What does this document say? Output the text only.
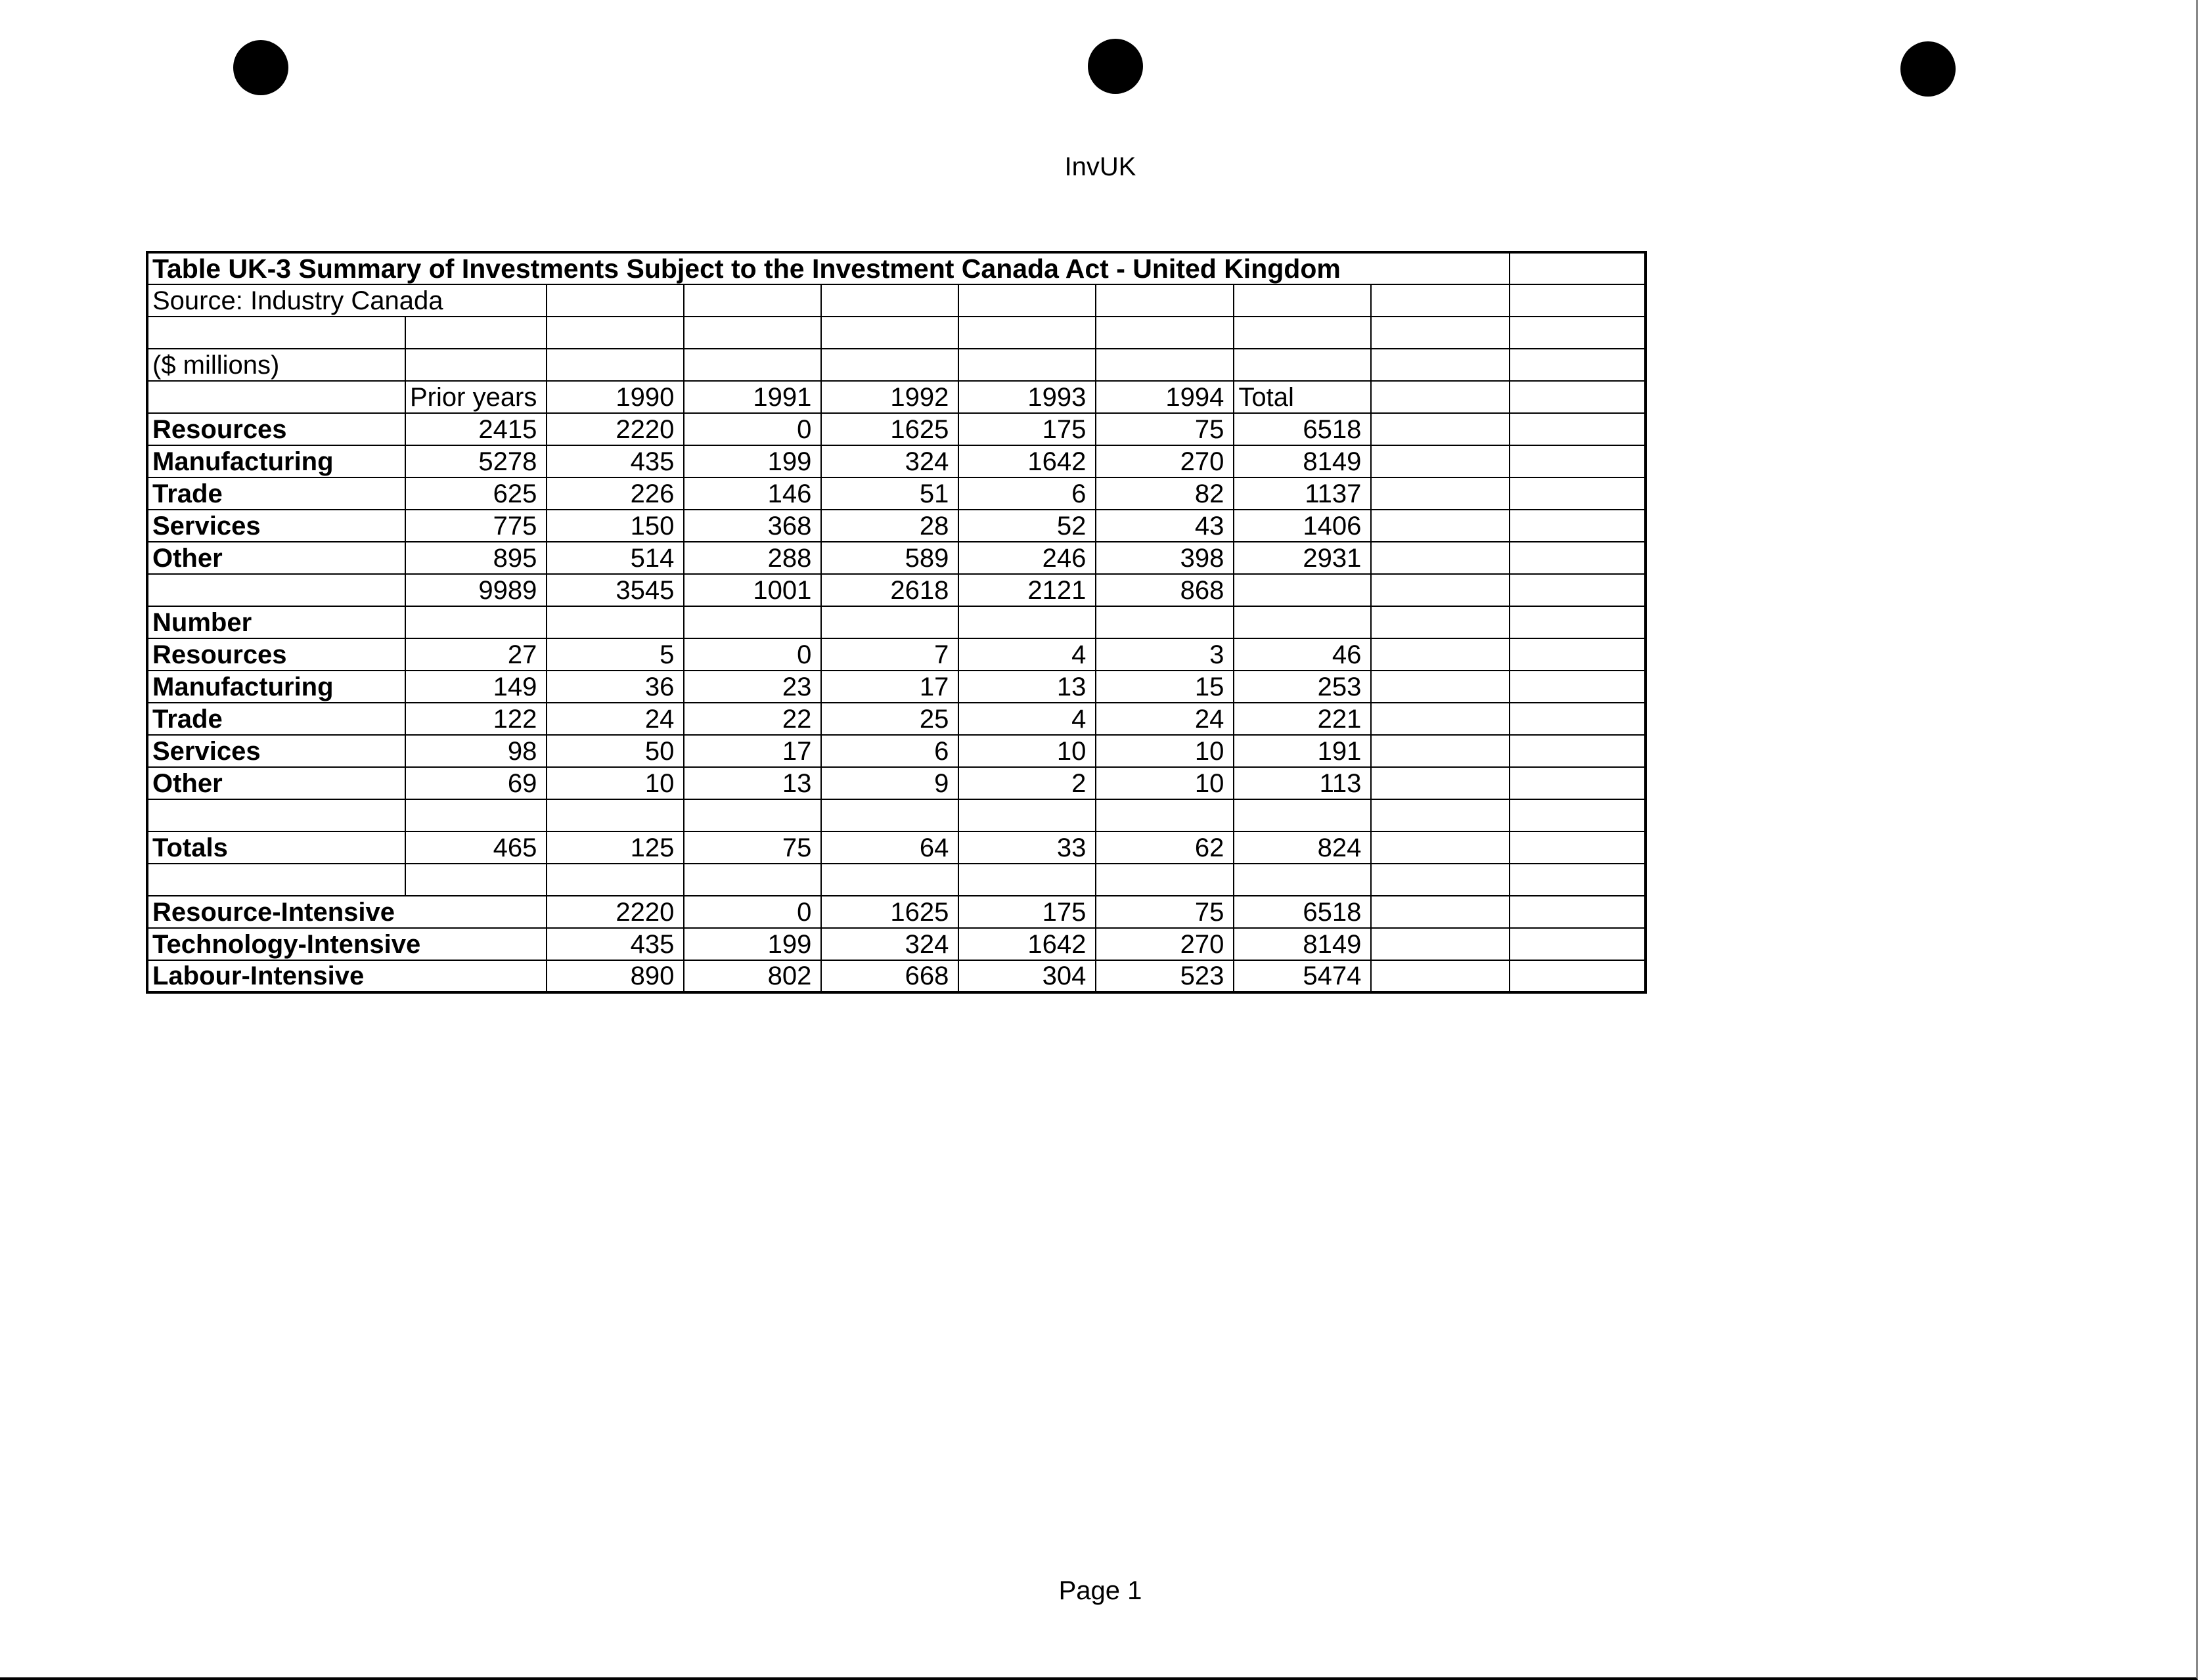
InvUK
Table UK-3 Summary of Investments Subject to the Investment Canada Act - United Kingdom									
Source: Industry Canada									

($ millions)									
	Prior years	1990	1991	1992	1993	1994	Total		
Resources	2415	2220	0	1625	175	75	6518		
Manufacturing	5278	435	199	324	1642	270	8149		
Trade	625	226	146	51	6	82	1137		
Services	775	150	368	28	52	43	1406		
Other	895	514	288	589	246	398	2931		
	9989	3545	1001	2618	2121	868			
Number									
Resources	27	5	0	7	4	3	46		
Manufacturing	149	36	23	17	13	15	253		
Trade	122	24	22	25	4	24	221		
Services	98	50	17	6	10	10	191		
Other	69	10	13	9	2	10	113		

Totals	465	125	75	64	33	62	824		

Resource-Intensive		2220	0	1625	175	75	6518		
Technology-Intensive		435	199	324	1642	270	8149		
Labour-Intensive		890	802	668	304	523	5474		
Page 1
